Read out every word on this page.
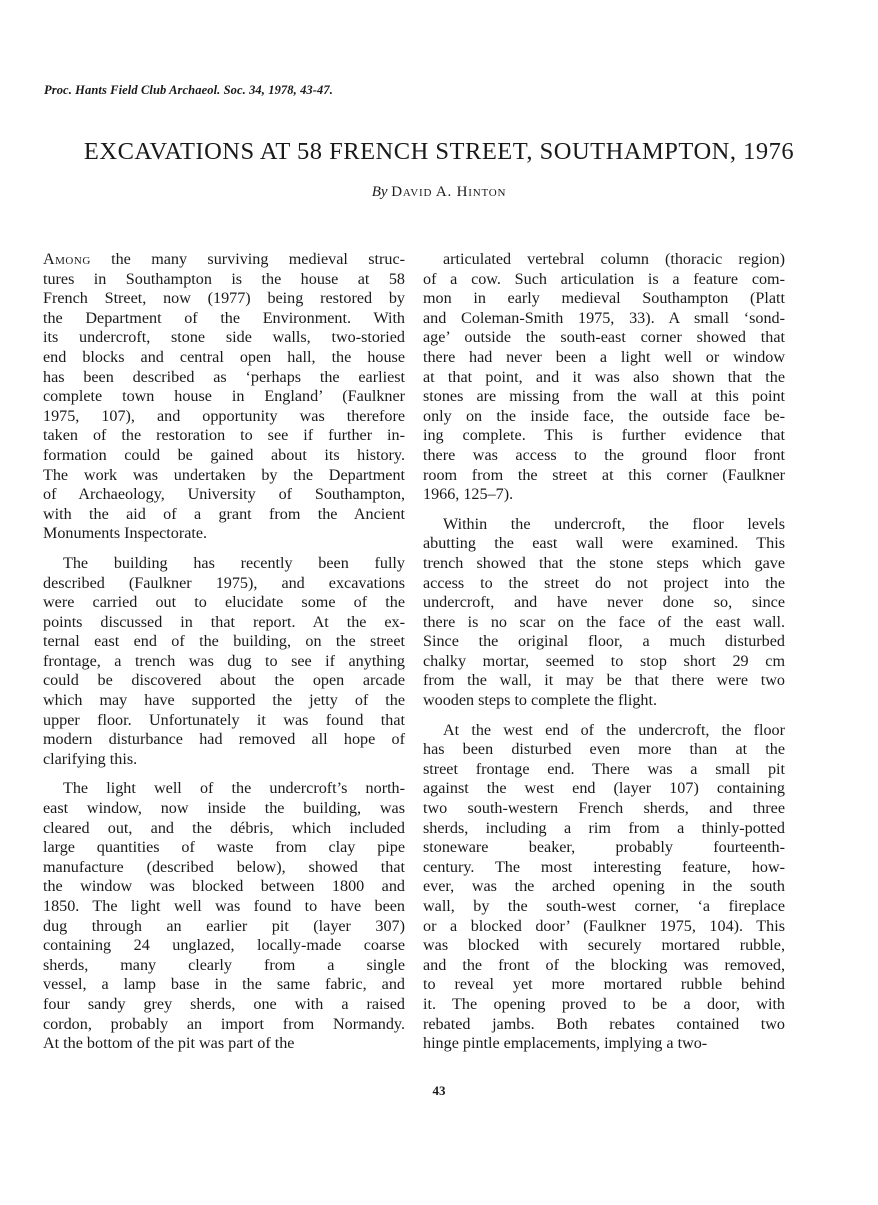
Proc. Hants Field Club Archaeol. Soc. 34, 1978, 43-47.
EXCAVATIONS AT 58 FRENCH STREET, SOUTHAMPTON, 1976
By David A. Hinton
Among the many surviving medieval struc-
tures in Southampton is the house at 58
French Street, now (1977) being restored by
the Department of the Environment. With
its undercroft, stone side walls, two-storied
end blocks and central open hall, the house
has been described as ‘perhaps the earliest
complete town house in England’ (Faulkner
1975, 107), and opportunity was therefore
taken of the restoration to see if further in-
formation could be gained about its history.
The work was undertaken by the Department
of Archaeology, University of Southampton,
with the aid of a grant from the Ancient
Monuments Inspectorate.
The building has recently been fully
described (Faulkner 1975), and excavations
were carried out to elucidate some of the
points discussed in that report. At the ex-
ternal east end of the building, on the street
frontage, a trench was dug to see if anything
could be discovered about the open arcade
which may have supported the jetty of the
upper floor. Unfortunately it was found that
modern disturbance had removed all hope of
clarifying this.
The light well of the undercroft’s north-
east window, now inside the building, was
cleared out, and the débris, which included
large quantities of waste from clay pipe
manufacture (described below), showed that
the window was blocked between 1800 and
1850. The light well was found to have been
dug through an earlier pit (layer 307)
containing 24 unglazed, locally-made coarse
sherds, many clearly from a single
vessel, a lamp base in the same fabric, and
four sandy grey sherds, one with a raised
cordon, probably an import from Normandy.
At the bottom of the pit was part of the
articulated vertebral column (thoracic region)
of a cow. Such articulation is a feature com-
mon in early medieval Southampton (Platt
and Coleman-Smith 1975, 33). A small ‘sond-
age’ outside the south-east corner showed that
there had never been a light well or window
at that point, and it was also shown that the
stones are missing from the wall at this point
only on the inside face, the outside face be-
ing complete. This is further evidence that
there was access to the ground floor front
room from the street at this corner (Faulkner
1966, 125–7).
Within the undercroft, the floor levels
abutting the east wall were examined. This
trench showed that the stone steps which gave
access to the street do not project into the
undercroft, and have never done so, since
there is no scar on the face of the east wall.
Since the original floor, a much disturbed
chalky mortar, seemed to stop short 29 cm
from the wall, it may be that there were two
wooden steps to complete the flight.
At the west end of the undercroft, the floor
has been disturbed even more than at the
street frontage end. There was a small pit
against the west end (layer 107) containing
two south-western French sherds, and three
sherds, including a rim from a thinly-potted
stoneware beaker, probably fourteenth-
century. The most interesting feature, how-
ever, was the arched opening in the south
wall, by the south-west corner, ‘a fireplace
or a blocked door’ (Faulkner 1975, 104). This
was blocked with securely mortared rubble,
and the front of the blocking was removed,
to reveal yet more mortared rubble behind
it. The opening proved to be a door, with
rebated jambs. Both rebates contained two
hinge pintle emplacements, implying a two-
43
